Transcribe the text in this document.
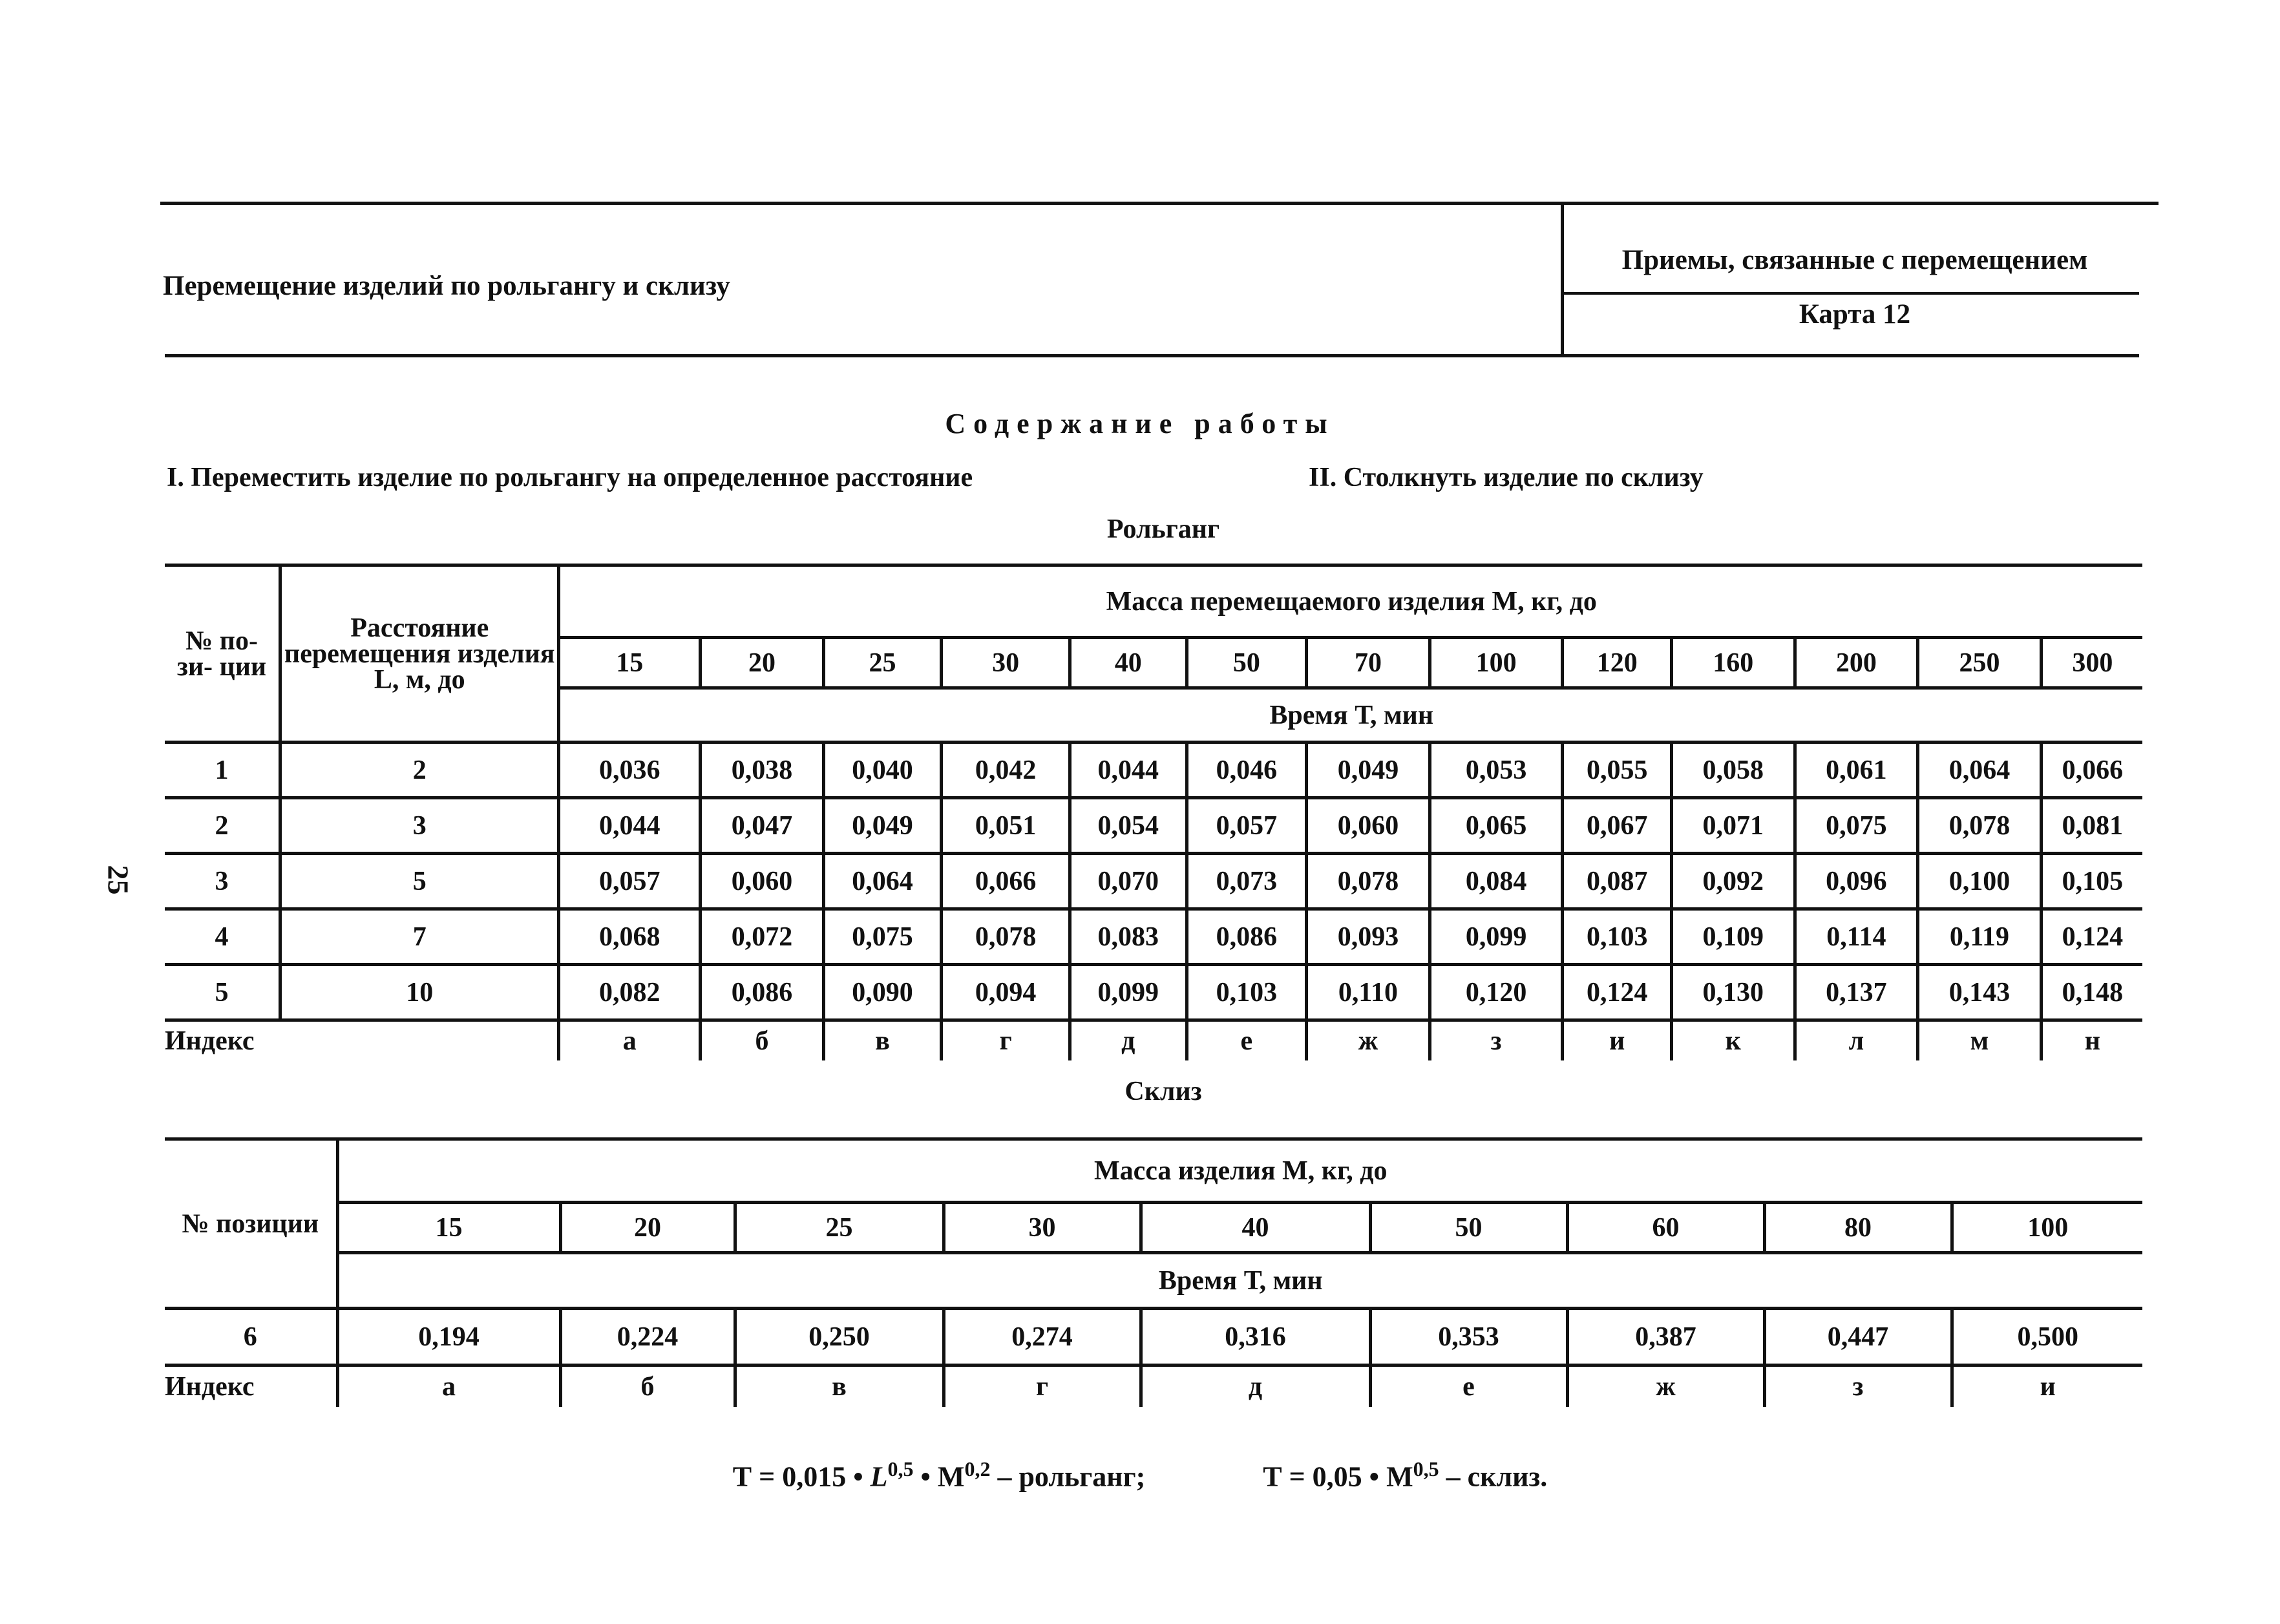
Перемещение изделий по рольгангу и склизу
Приемы, связанные с перемещением
Карта 12
25
Содержание работы
I. Переместить изделие по рольгангу на определенное расстояние	II. Столкнуть изделие по склизу
Рольганг
№ по- зи- ции	Расстояние перемещения изделия L, м, до	Масса перемещаемого изделия М, кг, до												
		15	20	25	30	40	50	70	100	120	160	200	250	300
		Время Т, мин												
1	2	0,036	0,038	0,040	0,042	0,044	0,046	0,049	0,053	0,055	0,058	0,061	0,064	0,066
2	3	0,044	0,047	0,049	0,051	0,054	0,057	0,060	0,065	0,067	0,071	0,075	0,078	0,081
3	5	0,057	0,060	0,064	0,066	0,070	0,073	0,078	0,084	0,087	0,092	0,096	0,100	0,105
4	7	0,068	0,072	0,075	0,078	0,083	0,086	0,093	0,099	0,103	0,109	0,114	0,119	0,124
5	10	0,082	0,086	0,090	0,094	0,099	0,103	0,110	0,120	0,124	0,130	0,137	0,143	0,148
Индекс		а	б	в	г	д	е	ж	з	и	к	л	м	н
Склиз
№ позиции	Масса изделия М, кг, до								
	15	20	25	30	40	50	60	80	100
	Время Т, мин								
6	0,194	0,224	0,250	0,274	0,316	0,353	0,387	0,447	0,500
Индекс	а	б	в	г	д	е	ж	з	и
Т = 0,015 • L$^{0,5}$ • М$^{0,2}$ – рольганг;	Т = 0,05 • М$^{0,5}$ – склиз.
